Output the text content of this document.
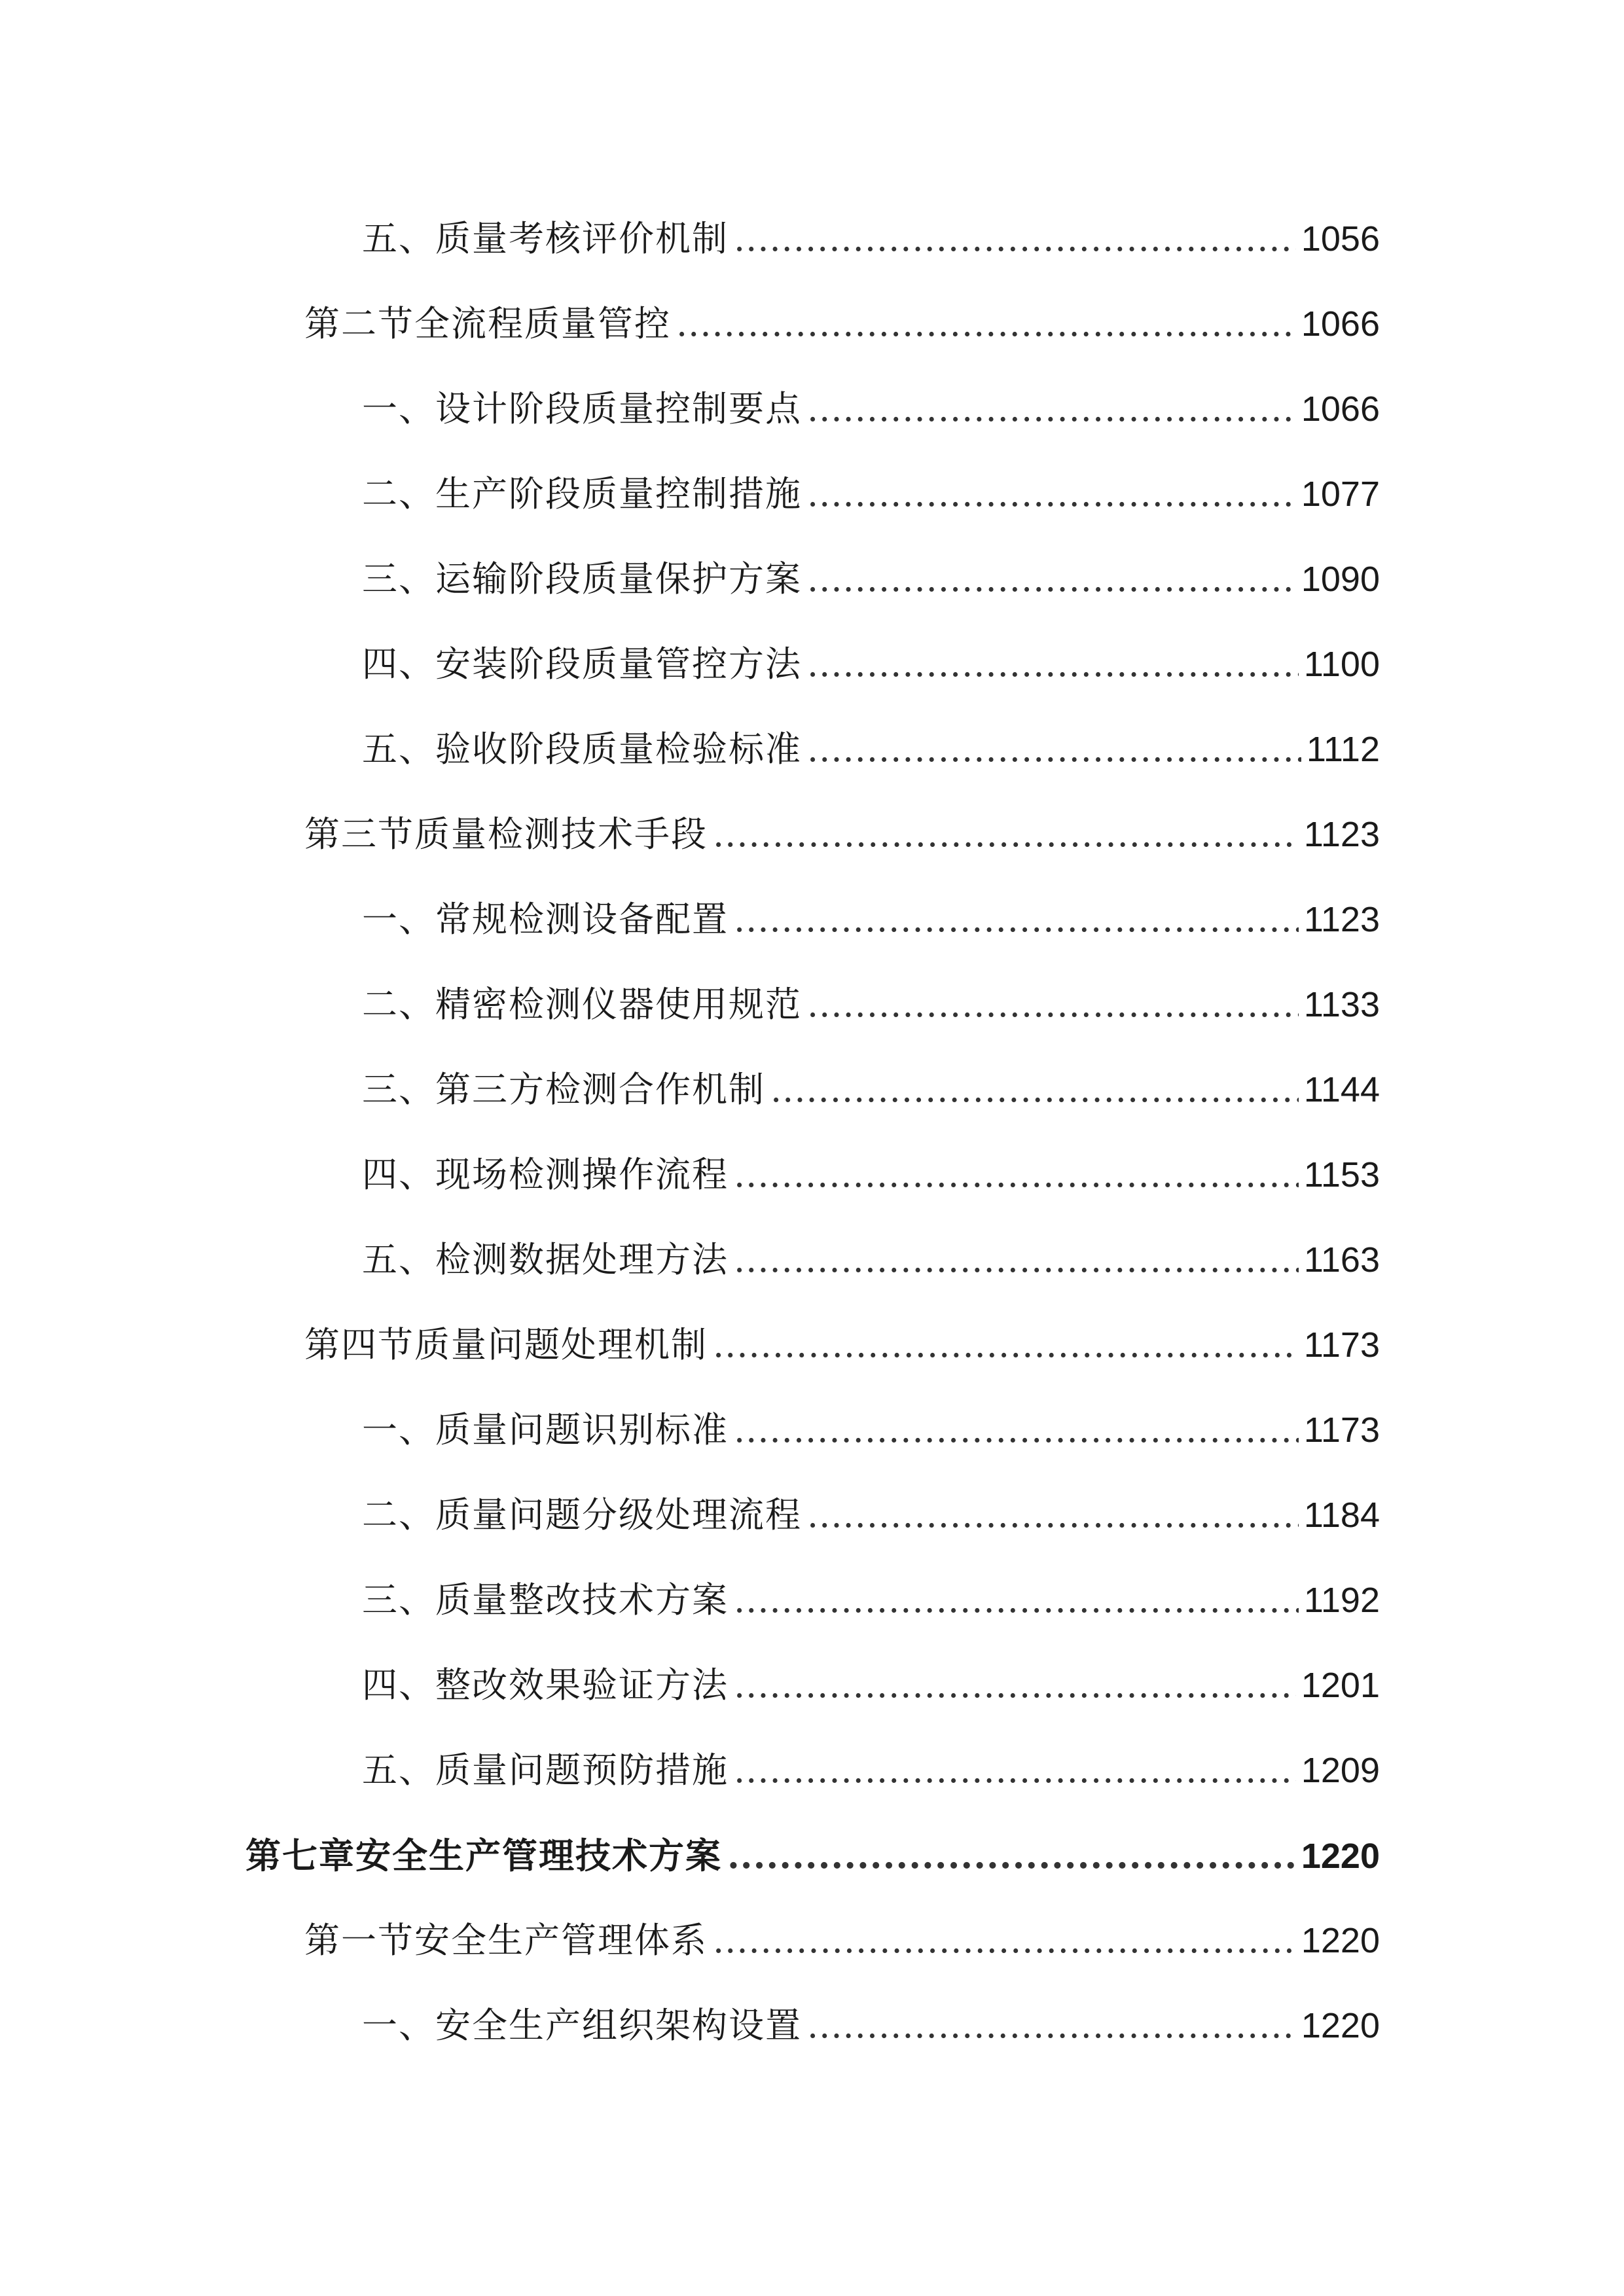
五、质量考核评价机制 .....	1056
第二节全流程质量管控 .....	1066
一、设计阶段质量控制要点 .....	1066
二、生产阶段质量控制措施 .....	1077
三、运输阶段质量保护方案 .....	1090
四、安装阶段质量管控方法 .....	1100
五、验收阶段质量检验标准 .....	1112
第三节质量检测技术手段 .....	1123
一、常规检测设备配置 .....	1123
二、精密检测仪器使用规范 .....	1133
三、第三方检测合作机制 .....	1144
四、现场检测操作流程 .....	1153
五、检测数据处理方法 .....	1163
第四节质量问题处理机制 .....	1173
一、质量问题识别标准 .....	1173
二、质量问题分级处理流程 .....	1184
三、质量整改技术方案 .....	1192
四、整改效果验证方法 .....	1201
五、质量问题预防措施 .....	1209
第七章安全生产管理技术方案 .....	1220
第一节安全生产管理体系 .....	1220
一、安全生产组织架构设置 .....	1220
